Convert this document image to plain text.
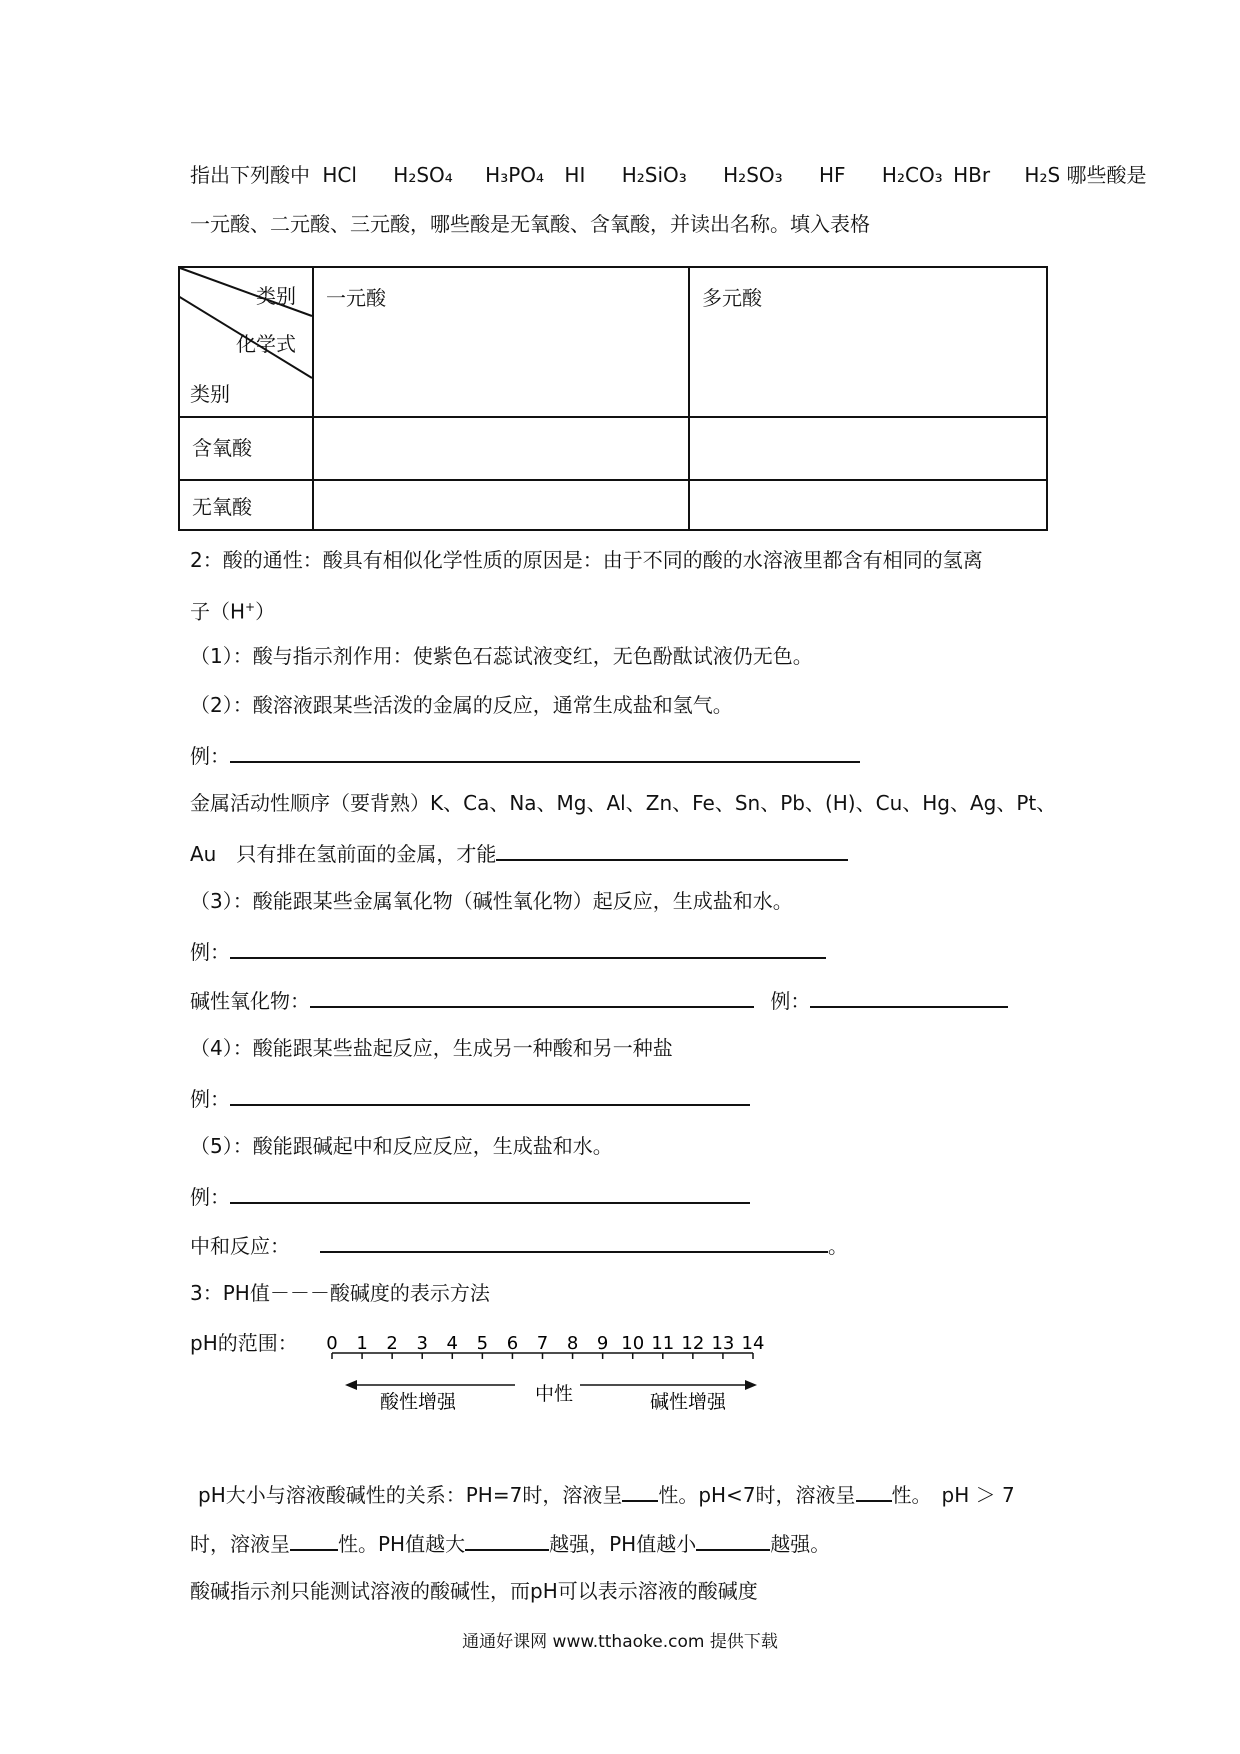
指出下列酸中 HCl H₂SO₄ H₃PO₄ HI H₂SiO₃ H₂SO₃ HF H₂CO₃ HBr H₂S 哪些酸是
一元酸、二元酸、三元酸，哪些酸是无氧酸、含氧酸，并读出名称。填入表格
类别
化学式
类别	一元酸	多元酸

含氧酸		

无氧酸		

2：酸的通性：酸具有相似化学性质的原因是：由于不同的酸的水溶液里都含有相同的氢离
子（H+）
（1）：酸与指示剂作用：使紫色石蕊试液变红，无色酚酞试液仍无色。
（2）：酸溶液跟某些活泼的金属的反应，通常生成盐和氢气。
例：
金属活动性顺序（要背熟）K、Ca、Na、Mg、Al、Zn、Fe、Sn、Pb、(H)、Cu、Hg、Ag、Pt、
Au　只有排在氢前面的金属，才能
（3）：酸能跟某些金属氧化物（碱性氧化物）起反应，生成盐和水。
例：
碱性氧化物：	例：
（4）：酸能跟某些盐起反应，生成另一种酸和另一种盐
例：
（5）：酸能跟碱起中和反应反应，生成盐和水。
例：
中和反应：	。
3：PH值－－－酸碱度的表示方法
pH的范围： 0 1 2 3 4 5 6 7 8 9 10 11 12 13 14
酸性增强	中性	碱性增强
pH大小与溶液酸碱性的关系：PH=7时，溶液呈 性。pH<7时，溶液呈 性。　pH ＞ 7
时，溶液呈 性。PH值越大	越强，PH值越小	越强。
酸碱指示剂只能测试溶液的酸碱性，而pH可以表示溶液的酸碱度
通通好课网 www.tthaoke.com 提供下载
